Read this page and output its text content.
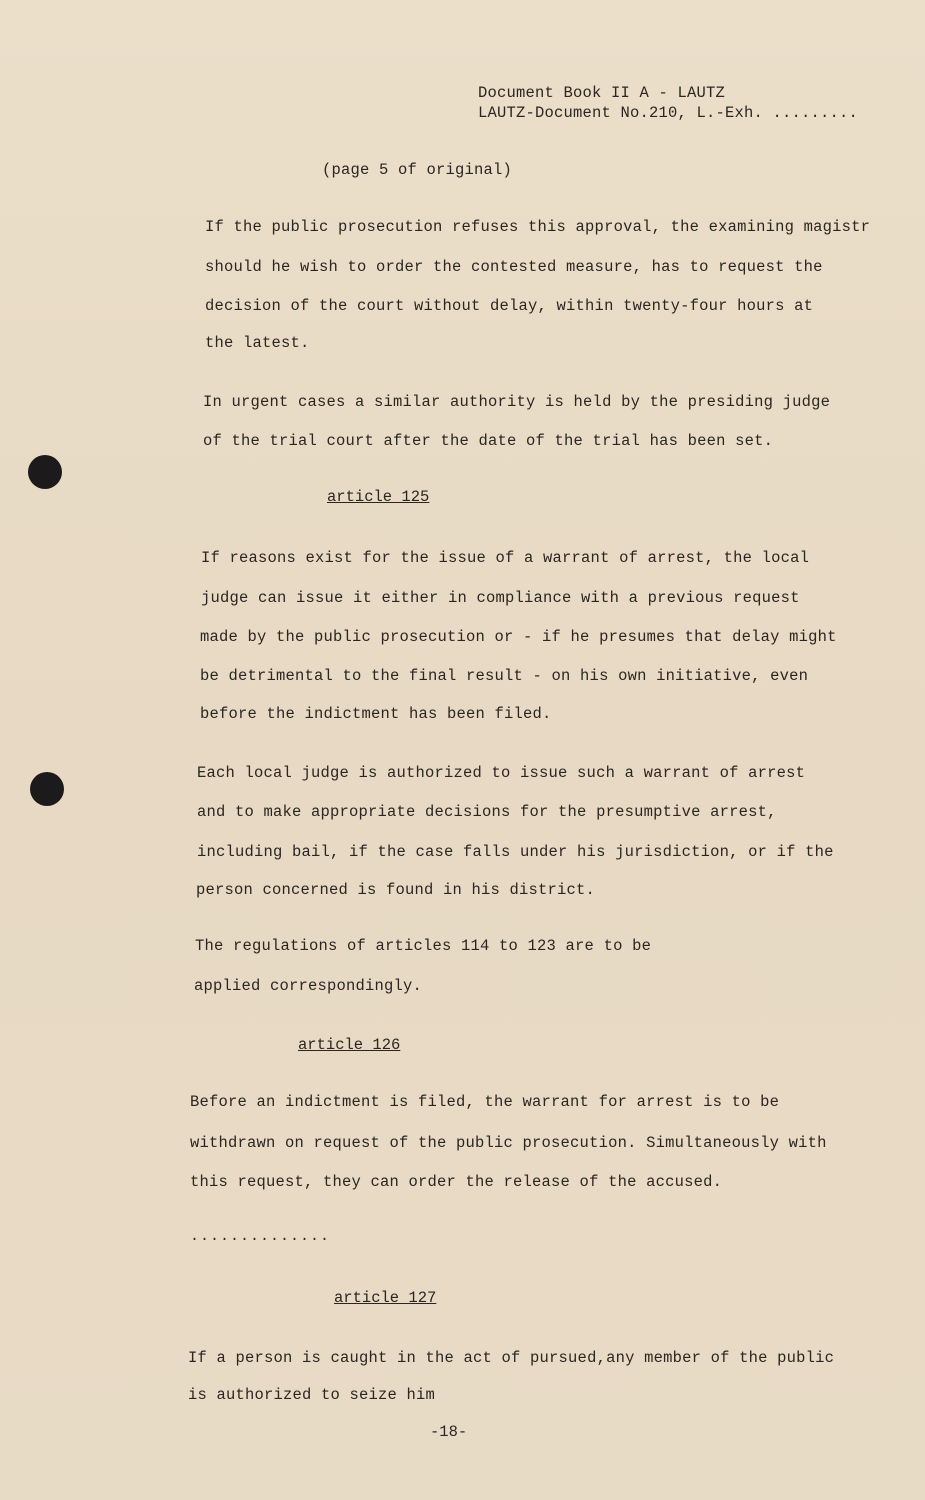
Document Book II A - LAUTZ
LAUTZ-Document No.210, L.-Exh. .........
(page 5 of original)
If the public prosecution refuses this approval, the examining magistr
should he wish to order the contested measure, has to request the
decision of the court without delay, within twenty-four hours at
the latest.
In urgent cases a similar authority is held by the presiding judge
of the trial court after the date of the trial has been set.
article 125
If reasons exist for the issue of a warrant of arrest, the local
judge can issue it either in compliance with a previous request
made by the public prosecution or - if he presumes that delay might
be detrimental to the final result - on his own initiative, even
before the indictment has been filed.
Each local judge is authorized to issue such a warrant of arrest
and to make appropriate decisions for the presumptive arrest,
including bail, if the case falls under his jurisdiction, or if the
person concerned is found in his district.
The regulations of articles 114 to 123 are to be
applied correspondingly.
article 126
Before an indictment is filed, the warrant for arrest is to be
withdrawn on request of the public prosecution. Simultaneously with
this request, they can order the release of the accused.
..............
article 127
If a person is caught in the act of pursued,any member of the public
is authorized to seize him
-18-
